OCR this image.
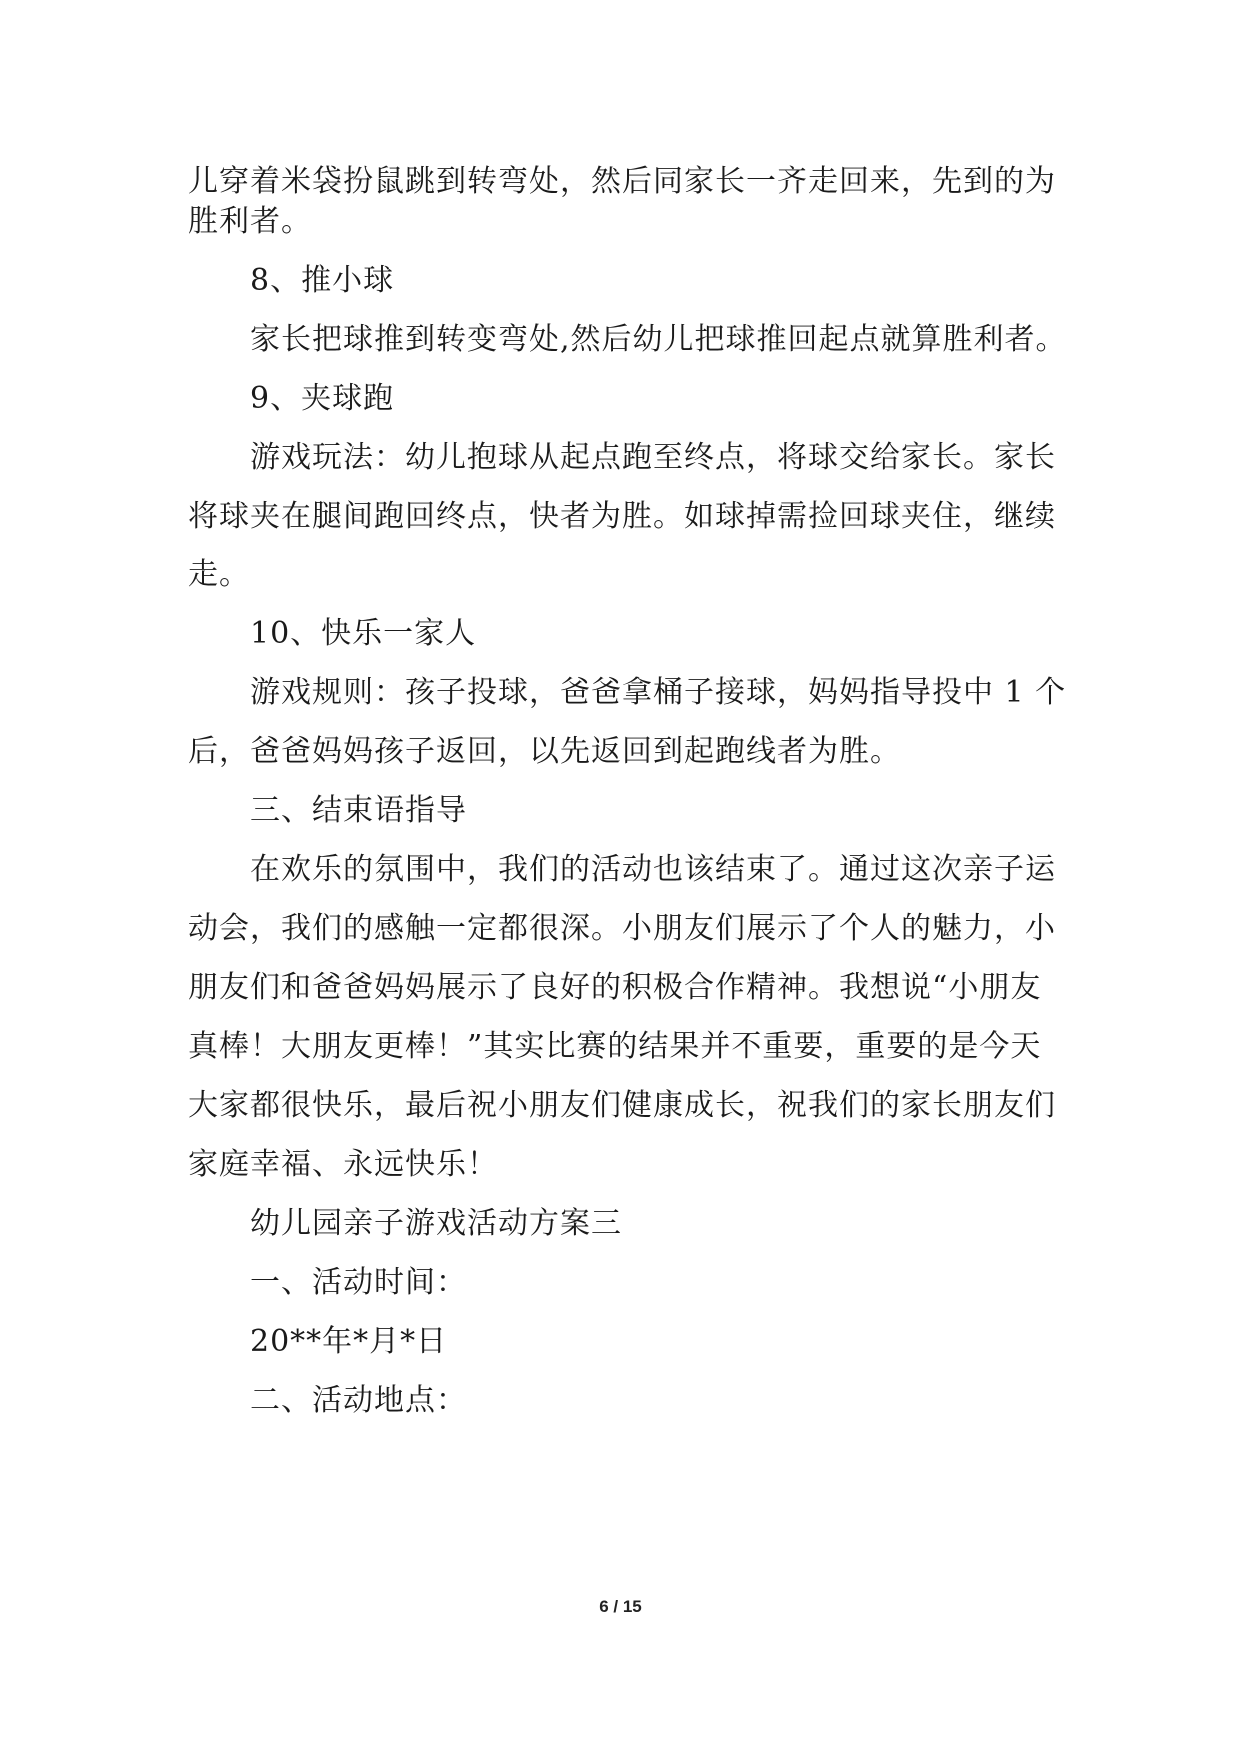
儿穿着米袋扮鼠跳到转弯处，然后同家长一齐走回来，先到的为
胜利者。
8、推小球
家长把球推到转变弯处,然后幼儿把球推回起点就算胜利者。
9、夹球跑
游戏玩法：幼儿抱球从起点跑至终点，将球交给家长。家长
将球夹在腿间跑回终点，快者为胜。如球掉需捡回球夹住，继续
走。
10、快乐一家人
游戏规则：孩子投球，爸爸拿桶子接球，妈妈指导投中 1 个
后，爸爸妈妈孩子返回，以先返回到起跑线者为胜。
三、结束语指导
在欢乐的氛围中，我们的活动也该结束了。通过这次亲子运
动会，我们的感触一定都很深。小朋友们展示了个人的魅力，小
朋友们和爸爸妈妈展示了良好的积极合作精神。我想说“小朋友
真棒！大朋友更棒！”其实比赛的结果并不重要，重要的是今天
大家都很快乐，最后祝小朋友们健康成长，祝我们的家长朋友们
家庭幸福、永远快乐！
幼儿园亲子游戏活动方案三
一、活动时间：
20**年*月*日
二、活动地点：
6 / 15
